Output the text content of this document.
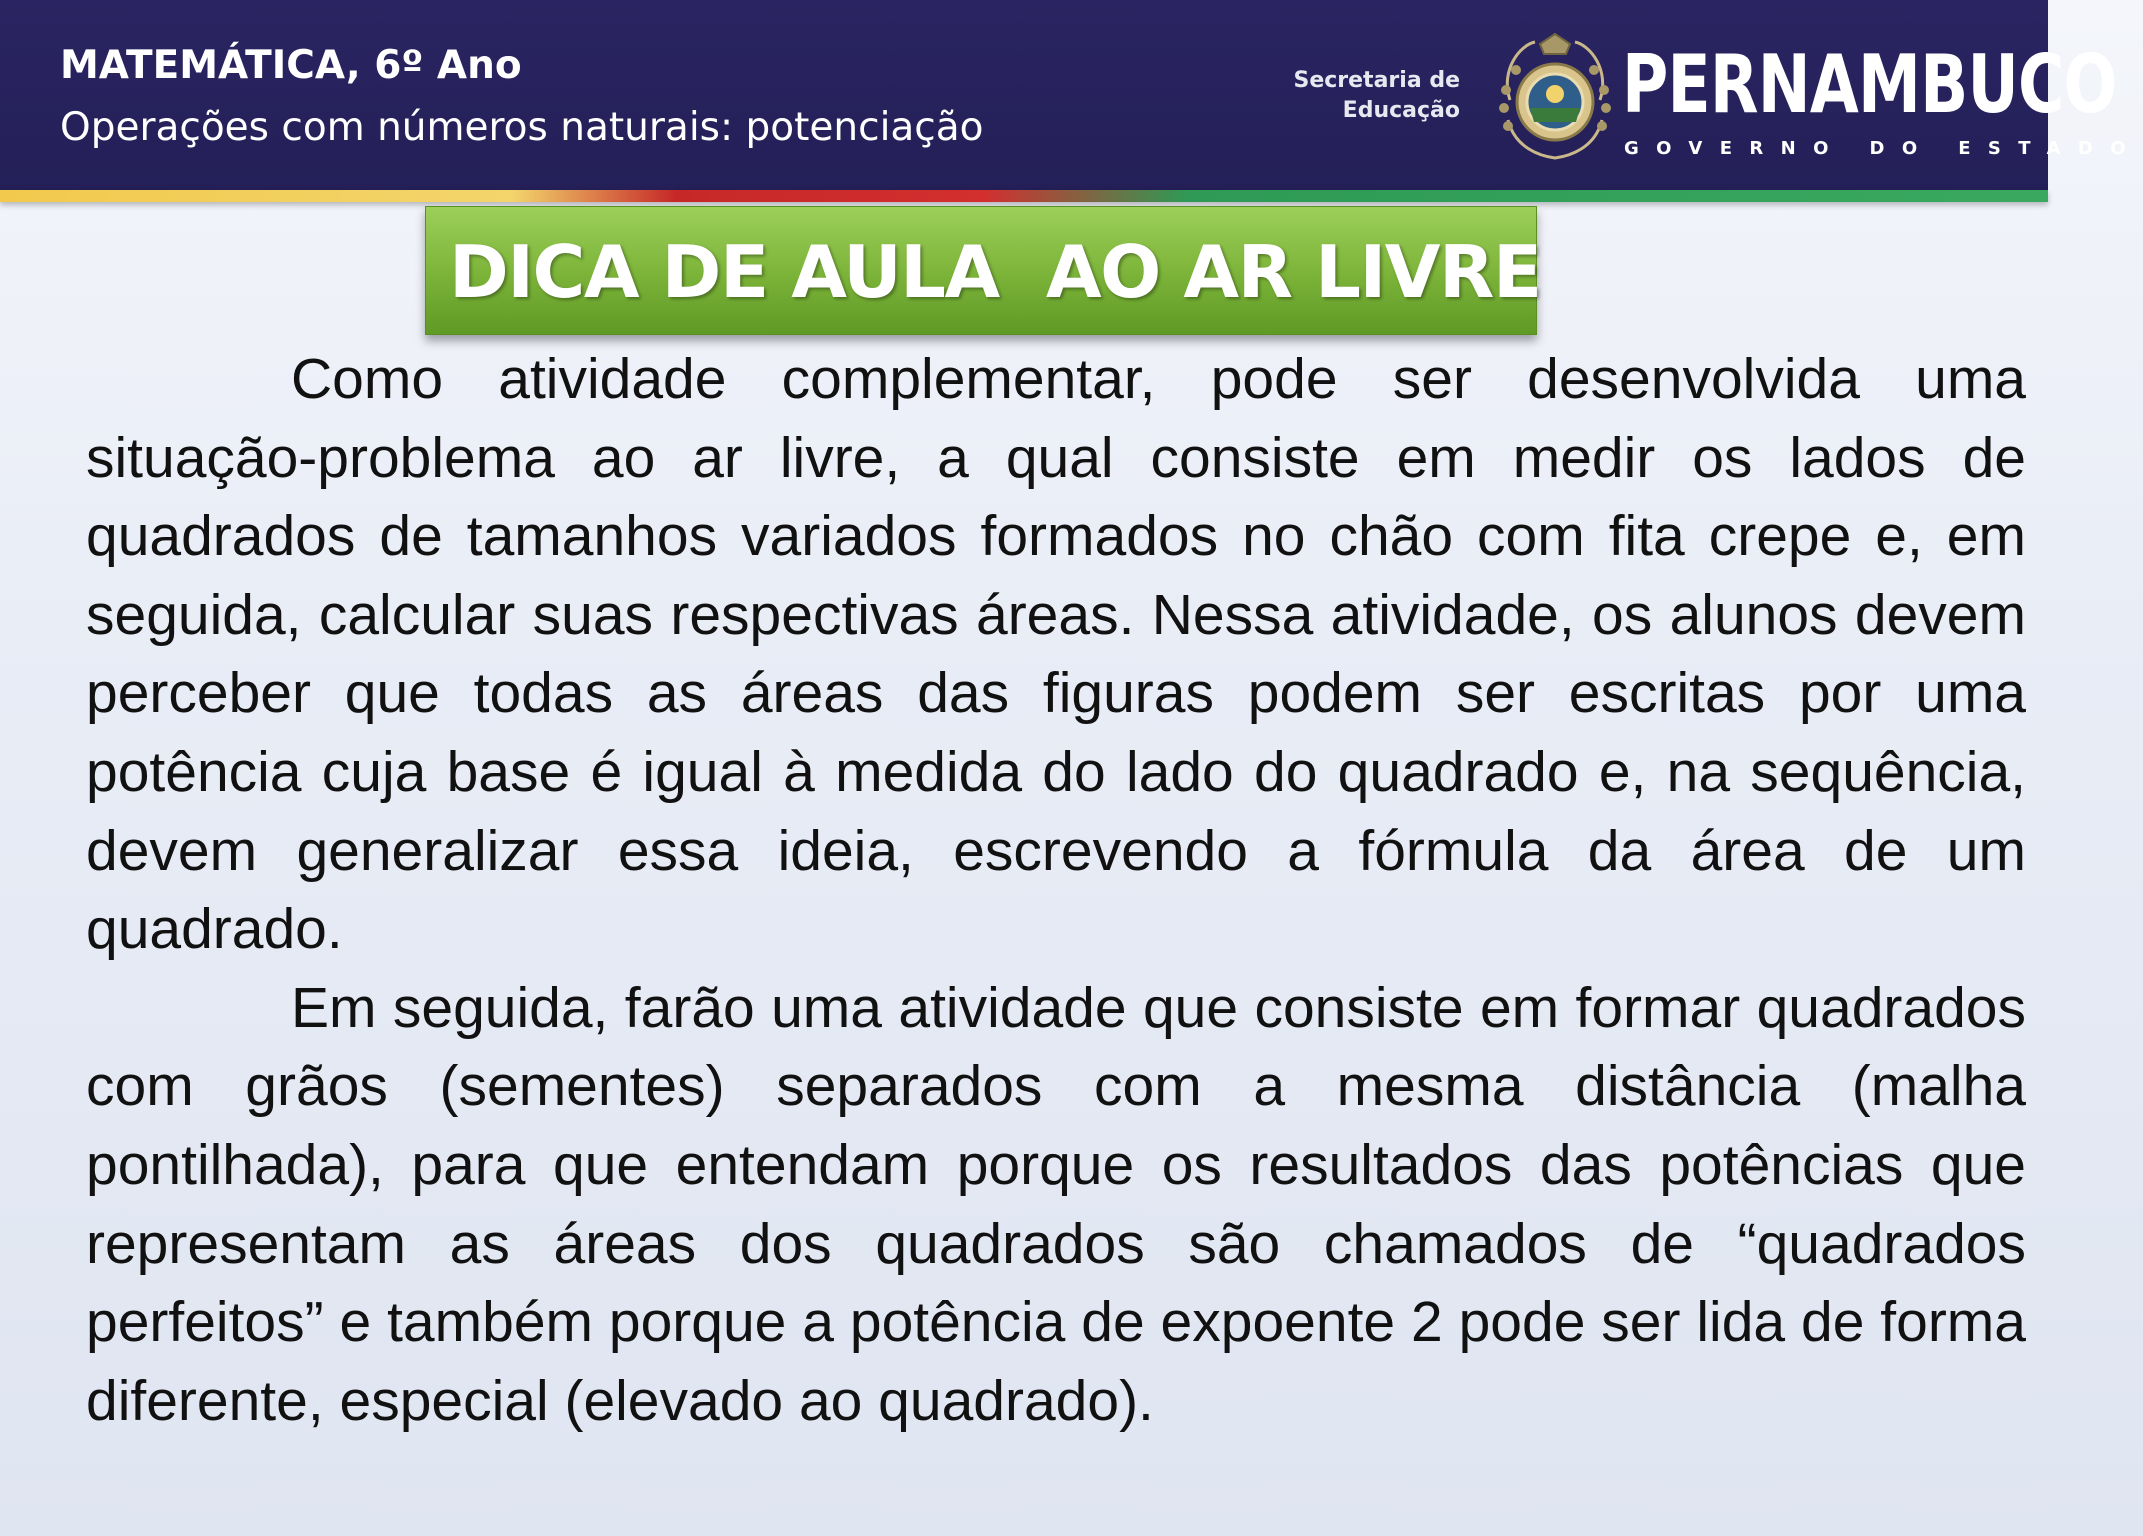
MATEMÁTICA, 6º Ano
Operações com números naturais: potenciação
Secretaria de
Educação PERNAMBUCO
GOVERNO DO ESTADO
DICA DE AULA  AO AR LIVRE

Como atividade complementar, pode ser desenvolvida uma situação-problema ao ar livre, a qual consiste em medir os lados de quadrados de tamanhos variados formados no chão com fita crepe e, em seguida, calcular suas respectivas áreas. Nessa atividade, os alunos devem perceber que todas as áreas das figuras podem ser escritas por uma potência cuja base é igual à medida do lado do quadrado e, na sequência, devem generalizar essa ideia, escrevendo a fórmula da área de um quadrado.

Em seguida, farão uma atividade que consiste em formar quadrados com grãos (sementes) separados com a mesma distância (malha pontilhada), para que entendam porque os resultados das potências que representam as áreas dos quadrados são chamados de “quadrados perfeitos” e também porque a potência de expoente 2 pode ser lida de forma diferente, especial (elevado ao quadrado).
